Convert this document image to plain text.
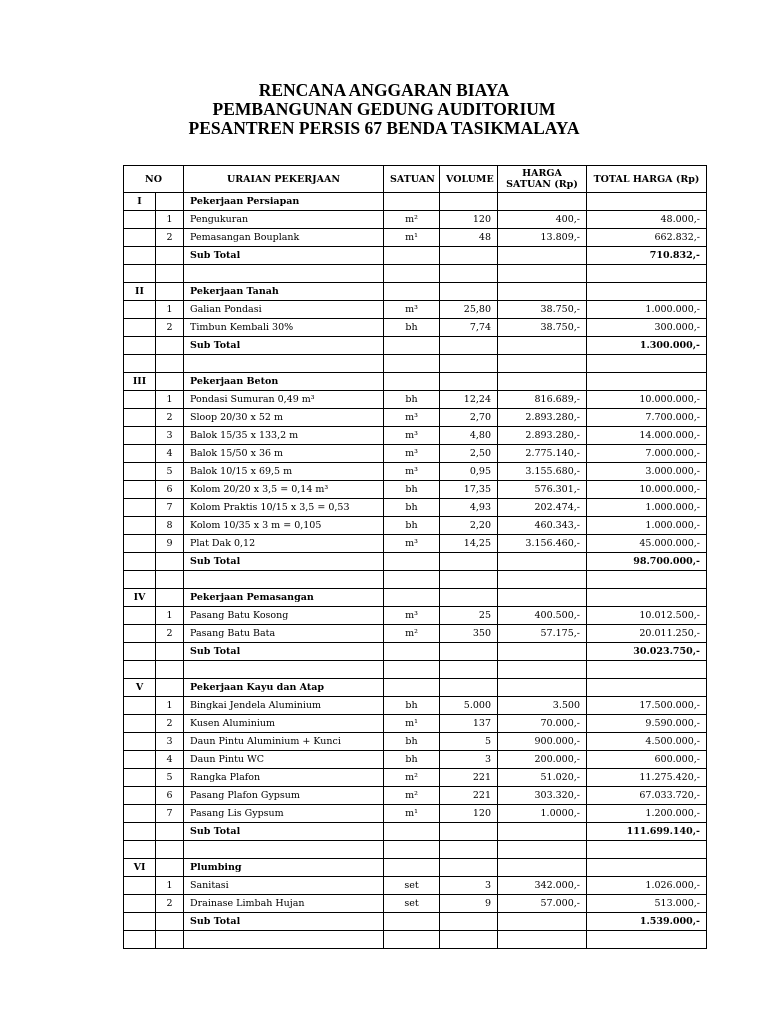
RENCANA ANGGARAN BIAYA
PEMBANGUNAN GEDUNG AUDITORIUM
PESANTREN PERSIS 67 BENDA TASIKMALAYA
NO		URAIAN PEKERJAAN	SATUAN	VOLUME	HARGA
SATUAN (Rp)	TOTAL HARGA (Rp)
I		Pekerjaan Persiapan				
	1	Pengukuran	m²	120	400,-	48.000,-
	2	Pemasangan Bouplank	m¹	48	13.809,-	662.832,-
		Sub Total				710.832,-

II		Pekerjaan Tanah				
	1	Galian Pondasi	m³	25,80	38.750,-	1.000.000,-
	2	Timbun Kembali 30%	bh	7,74	38.750,-	300.000,-
		Sub Total				1.300.000,-

III		Pekerjaan Beton				
	1	Pondasi Sumuran 0,49 m³	bh	12,24	816.689,-	10.000.000,-
	2	Sloop 20/30 x 52 m	m³	2,70	2.893.280,-	7.700.000,-
	3	Balok 15/35 x 133,2 m	m³	4,80	2.893.280,-	14.000.000,-
	4	Balok 15/50 x 36 m	m³	2,50	2.775.140,-	7.000.000,-
	5	Balok 10/15 x 69,5 m	m³	0,95	3.155.680,-	3.000.000,-
	6	Kolom 20/20 x 3,5 = 0,14 m³	bh	17,35	576.301,-	10.000.000,-
	7	Kolom Praktis 10/15 x 3,5 = 0,53	bh	4,93	202.474,-	1.000.000,-
	8	Kolom 10/35 x 3 m = 0,105	bh	2,20	460.343,-	1.000.000,-
	9	Plat Dak 0,12	m³	14,25	3.156.460,-	45.000.000,-
		Sub Total				98.700.000,-

IV		Pekerjaan Pemasangan				
	1	Pasang Batu Kosong	m³	25	400.500,-	10.012.500,-
	2	Pasang Batu Bata	m²	350	57.175,-	20.011.250,-
		Sub Total				30.023.750,-

V		Pekerjaan Kayu dan Atap				
	1	Bingkai Jendela Aluminium	bh	5.000	3.500	17.500.000,-
	2	Kusen Aluminium	m¹	137	70.000,-	9.590.000,-
	3	Daun Pintu Aluminium + Kunci	bh	5	900.000,-	4.500.000,-
	4	Daun Pintu WC	bh	3	200.000,-	600.000,-
	5	Rangka Plafon	m²	221	51.020,-	11.275.420,-
	6	Pasang Plafon Gypsum	m²	221	303.320,-	67.033.720,-
	7	Pasang Lis Gypsum	m¹	120	1.0000,-	1.200.000,-
		Sub Total				111.699.140,-

VI		Plumbing				
	1	Sanitasi	set	3	342.000,-	1.026.000,-
	2	Drainase Limbah Hujan	set	9	57.000,-	513.000,-
		Sub Total				1.539.000,-
